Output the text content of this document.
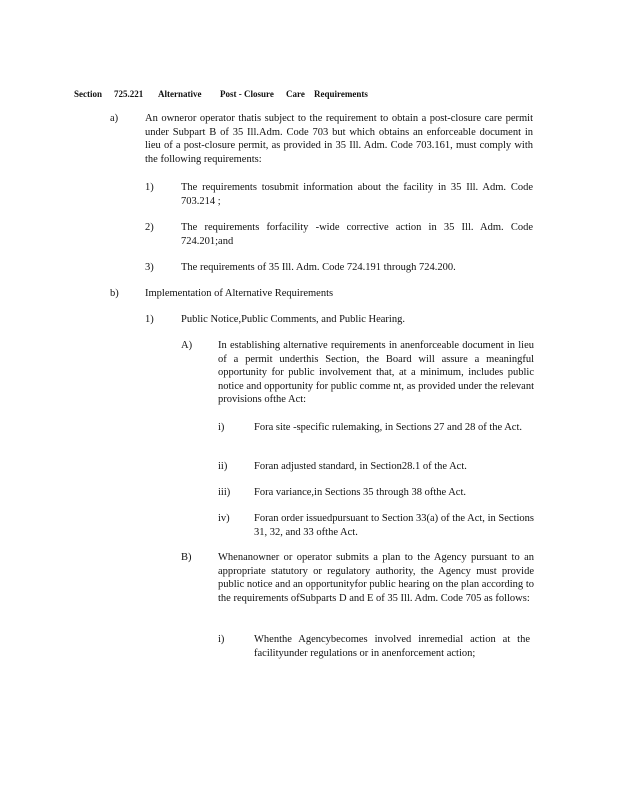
Section 725.221 Alternative Post - Closure Care Requirements
a)	An owneror operator thatis subject to the requirement to obtain a post-closure care permit under Subpart B of 35 Ill.Adm. Code 703 but which obtains an enforceable document in lieu of a post-closure permit, as provided in 35 Ill. Adm. Code 703.161, must comply with the following requirements:
1)	The requirements tosubmit information about the facility in 35 Ill. Adm. Code 703.214 ;
2)	The requirements forfacility -wide corrective action in 35 Ill. Adm. Code 724.201;and
3)	The requirements of 35 Ill. Adm. Code 724.191 through 724.200.
b)	Implementation of Alternative Requirements
1)	Public Notice,Public Comments, and Public Hearing.
A) In establishing alternative requirements in anenforceable document in lieu of a permit underthis Section, the Board will assure a meaningful opportunity for public involvement that, at a minimum, includes public notice and opportunity for public comme nt, as provided under the relevant provisions ofthe Act:
i)	Fora site -specific rulemaking, in Sections 27 and 28 of the Act.
ii)	Foran adjusted standard, in Section28.1 of the Act.
iii) Fora variance,in Sections 35 through 38 ofthe Act.
iv) Foran order issuedpursuant to Section 33(a) of the Act, in Sections 31, 32, and 33 ofthe Act.
B)	Whenanowner or operator submits a plan to the Agency pursuant to an appropriate statutory or regulatory authority, the Agency must provide public notice and an opportunityfor public hearing on the plan according to the requirements ofSubparts D and E of 35 Ill. Adm. Code 705 as follows:
i)	Whenthe Agencybecomes involved inremedial action at the facilityunder regulations or in anenforcement action;
